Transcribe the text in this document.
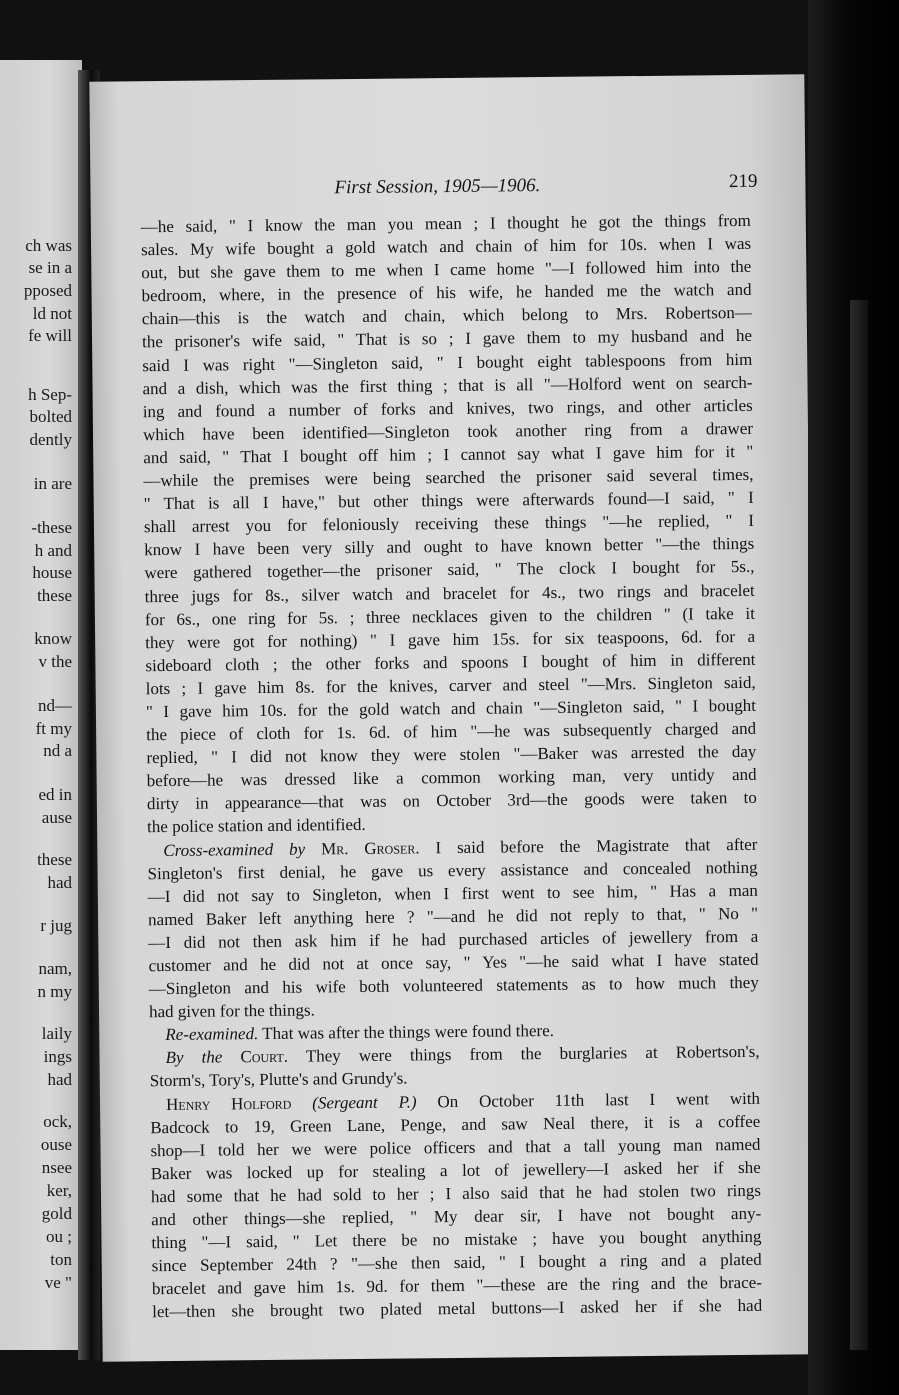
ch was
se in a
pposed
ld not
fe will
h Sep-
bolted
dently
in are
-these
h and
house
these
know
v the
nd—
ft my
nd a
ed in
ause
these
had
r jug
nam,
n my
laily
ings
had
ock,
ouse
nsee
ker,
gold
ou ;
ton
ve "
First Session, 1905—1906.	219
—he said, " I know the man you mean ; I thought he got the things from
sales. My wife bought a gold watch and chain of him for 10s. when I was
out, but she gave them to me when I came home "—I followed him into the
bedroom, where, in the presence of his wife, he handed me the watch and
chain—this is the watch and chain, which belong to Mrs. Robertson—
the prisoner's wife said, " That is so ; I gave them to my husband and he
said I was right "—Singleton said, " I bought eight tablespoons from him
and a dish, which was the first thing ; that is all "—Holford went on search-
ing and found a number of forks and knives, two rings, and other articles
which have been identified—Singleton took another ring from a drawer
and said, " That I bought off him ; I cannot say what I gave him for it "
—while the premises were being searched the prisoner said several times,
" That is all I have," but other things were afterwards found—I said, " I
shall arrest you for feloniously receiving these things "—he replied, " I
know I have been very silly and ought to have known better "—the things
were gathered together—the prisoner said, " The clock I bought for 5s.,
three jugs for 8s., silver watch and bracelet for 4s., two rings and bracelet
for 6s., one ring for 5s. ; three necklaces given to the children " (I take it
they were got for nothing) " I gave him 15s. for six teaspoons, 6d. for a
sideboard cloth ; the other forks and spoons I bought of him in different
lots ; I gave him 8s. for the knives, carver and steel "—Mrs. Singleton said,
" I gave him 10s. for the gold watch and chain "—Singleton said, " I bought
the piece of cloth for 1s. 6d. of him "—he was subsequently charged and
replied, " I did not know they were stolen "—Baker was arrested the day
before—he was dressed like a common working man, very untidy and
dirty in appearance—that was on October 3rd—the goods were taken to
the police station and identified.
Cross-examined by Mr. Groser. I said before the Magistrate that after
Singleton's first denial, he gave us every assistance and concealed nothing
—I did not say to Singleton, when I first went to see him, " Has a man
named Baker left anything here ? "—and he did not reply to that, " No "
—I did not then ask him if he had purchased articles of jewellery from a
customer and he did not at once say, " Yes "—he said what I have stated
—Singleton and his wife both volunteered statements as to how much they
had given for the things.
Re-examined. That was after the things were found there.
By the Court. They were things from the burglaries at Robertson's,
Storm's, Tory's, Plutte's and Grundy's.
Henry Holford (Sergeant P.) On October 11th last I went with
Badcock to 19, Green Lane, Penge, and saw Neal there, it is a coffee
shop—I told her we were police officers and that a tall young man named
Baker was locked up for stealing a lot of jewellery—I asked her if she
had some that he had sold to her ; I also said that he had stolen two rings
and other things—she replied, " My dear sir, I have not bought any-
thing "—I said, " Let there be no mistake ; have you bought anything
since September 24th ? "—she then said, " I bought a ring and a plated
bracelet and gave him 1s. 9d. for them "—these are the ring and the brace-
let—then she brought two plated metal buttons—I asked her if she had
